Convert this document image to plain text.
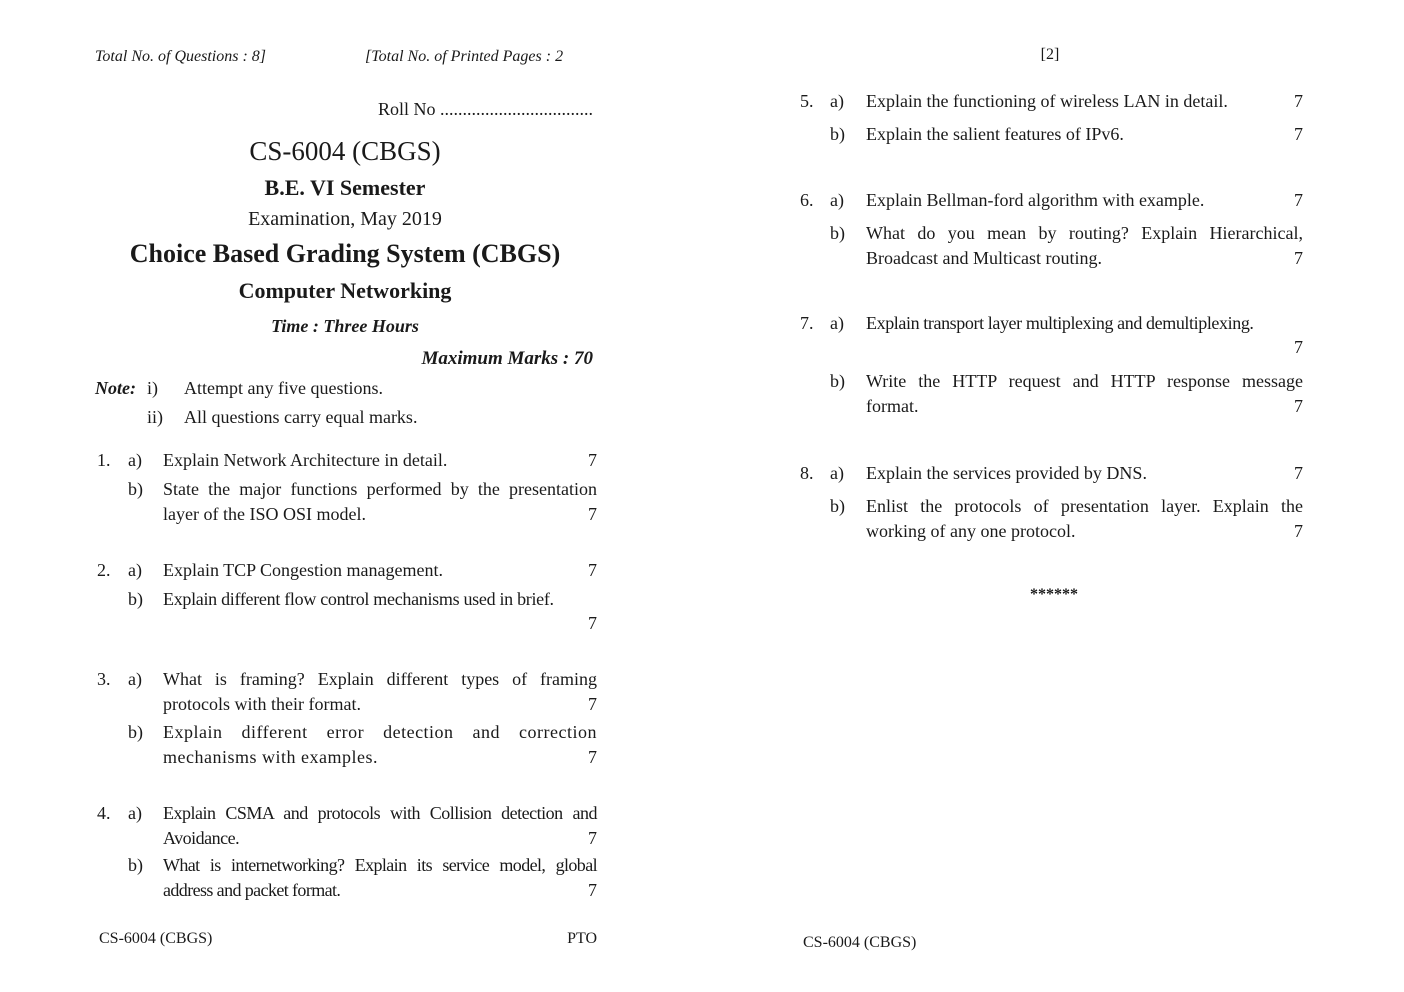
Total No. of Questions : 8]	[Total No. of Printed Pages : 2
Roll No ..................................
CS-6004 (CBGS)
B.E. VI Semester
Examination, May 2019
Choice Based Grading System (CBGS)
Computer Networking
Time : Three Hours
Maximum Marks : 70
Note: i) Attempt any five questions.
ii) All questions carry equal marks.
1. a) Explain Network Architecture in detail.	7
b) State the major functions performed by the presentation layer of the ISO OSI model.	7
2. a) Explain TCP Congestion management.	7
b) Explain different flow control mechanisms used in brief.
7
3. a) What is framing? Explain different types of framing protocols with their format.	7
b) Explain different error detection and correction mechanisms with examples.	7
4. a) Explain CSMA and protocols with Collision detection and Avoidance.	7
b) What is internetworking? Explain its service model, global address and packet format.	7
CS-6004 (CBGS)	PTO
[2]
5. a) Explain the functioning of wireless LAN in detail.	7
b) Explain the salient features of IPv6.	7
6. a) Explain Bellman-ford algorithm with example.	7
b) What do you mean by routing? Explain Hierarchical, Broadcast and Multicast routing.	7
7. a) Explain transport layer multiplexing and demultiplexing.
7
b) Write the HTTP request and HTTP response message format.	7
8. a) Explain the services provided by DNS.	7
b) Enlist the protocols of presentation layer. Explain the working of any one protocol.	7
******
CS-6004 (CBGS)
